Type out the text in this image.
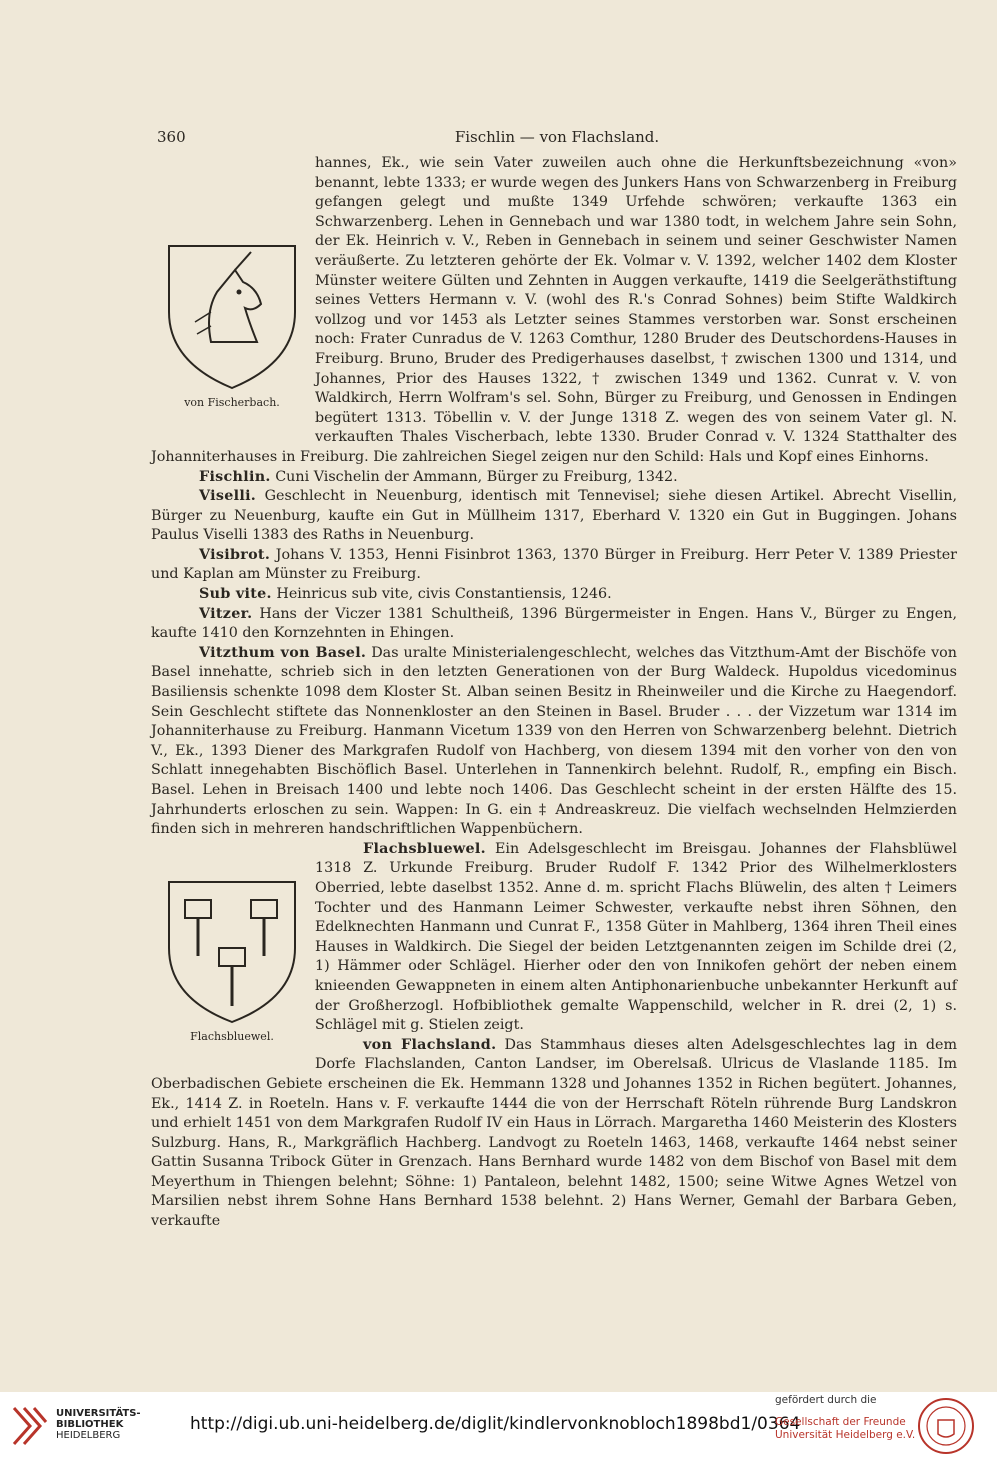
360	Fischlin — von Flachsland.

von Fischerbach.
hannes, Ek., wie sein Vater zuweilen auch ohne die Herkunftsbezeichnung «von» benannt, lebte 1333; er wurde wegen des Junkers Hans von Schwarzenberg in Freiburg gefangen gelegt und mußte 1349 Urfehde schwören; verkaufte 1363 ein Schwarzenberg. Lehen in Gennebach und war 1380 todt, in welchem Jahre sein Sohn, der Ek. Heinrich v. V., Reben in Gennebach in seinem und seiner Geschwister Namen veräußerte. Zu letzteren gehörte der Ek. Volmar v. V. 1392, welcher 1402 dem Kloster Münster weitere Gülten und Zehnten in Auggen verkaufte, 1419 die Seelgeräthstiftung seines Vetters Hermann v. V. (wohl des R.'s Conrad Sohnes) beim Stifte Waldkirch vollzog und vor 1453 als Letzter seines Stammes verstorben war. Sonst erscheinen noch: Frater Cunradus de V. 1263 Comthur, 1280 Bruder des Deutschordens-Hauses in Freiburg. Bruno, Bruder des Predigerhauses daselbst, † zwischen 1300 und 1314, und Johannes, Prior des Hauses 1322, † zwischen 1349 und 1362. Cunrat v. V. von Waldkirch, Herrn Wolfram's sel. Sohn, Bürger zu Freiburg, und Genossen in Endingen begütert 1313. Töbellin v. V. der Junge 1318 Z. wegen des von seinem Vater gl. N. verkauften Thales Vischerbach, lebte 1330. Bruder Conrad v. V. 1324 Statthalter des Johanniterhauses in Freiburg. Die zahlreichen Siegel zeigen nur den Schild: Hals und Kopf eines Einhorns.

Fischlin. Cuni Vischelin der Ammann, Bürger zu Freiburg, 1342.

Viselli. Geschlecht in Neuenburg, identisch mit Tennevisel; siehe diesen Artikel. Abrecht Visellin, Bürger zu Neuenburg, kaufte ein Gut in Müllheim 1317, Eberhard V. 1320 ein Gut in Buggingen. Johans Paulus Viselli 1383 des Raths in Neuenburg.

Visibrot. Johans V. 1353, Henni Fisinbrot 1363, 1370 Bürger in Freiburg. Herr Peter V. 1389 Priester und Kaplan am Münster zu Freiburg.

Sub vite. Heinricus sub vite, civis Constantiensis, 1246.

Vitzer. Hans der Viczer 1381 Schultheiß, 1396 Bürgermeister in Engen. Hans V., Bürger zu Engen, kaufte 1410 den Kornzehnten in Ehingen.

Vitzthum von Basel. Das uralte Ministerialengeschlecht, welches das Vitzthum-Amt der Bischöfe von Basel innehatte, schrieb sich in den letzten Generationen von der Burg Waldeck. Hupoldus vicedominus Basiliensis schenkte 1098 dem Kloster St. Alban seinen Besitz in Rheinweiler und die Kirche zu Haegendorf. Sein Geschlecht stiftete das Nonnenkloster an den Steinen in Basel. Bruder . . . der Vizzetum war 1314 im Johanniterhause zu Freiburg. Hanmann Vicetum 1339 von den Herren von Schwarzenberg belehnt. Dietrich V., Ek., 1393 Diener des Markgrafen Rudolf von Hachberg, von diesem 1394 mit den vorher von den von Schlatt innegehabten Bischöflich Basel. Unterlehen in Tannenkirch belehnt. Rudolf, R., empfing ein Bisch. Basel. Lehen in Breisach 1400 und lebte noch 1406. Das Geschlecht scheint in der ersten Hälfte des 15. Jahrhunderts erloschen zu sein. Wappen: In G. ein ‡ Andreaskreuz. Die vielfach wechselnden Helmzierden finden sich in mehreren handschriftlichen Wappenbüchern.

Flachsbluewel.
Flachsbluewel. Ein Adelsgeschlecht im Breisgau. Johannes der Flahsblüwel 1318 Z. Urkunde Freiburg. Bruder Rudolf F. 1342 Prior des Wilhelmerklosters Oberried, lebte daselbst 1352. Anne d. m. spricht Flachs Blüwelin, des alten † Leimers Tochter und des Hanmann Leimer Schwester, verkaufte nebst ihren Söhnen, den Edelknechten Hanmann und Cunrat F., 1358 Güter in Mahlberg, 1364 ihren Theil eines Hauses in Waldkirch. Die Siegel der beiden Letztgenannten zeigen im Schilde drei (2, 1) Hämmer oder Schlägel. Hierher oder den von Innikofen gehört der neben einem knieenden Gewappneten in einem alten Antiphonarienbuche unbekannter Herkunft auf der Großherzogl. Hofbibliothek gemalte Wappenschild, welcher in R. drei (2, 1) s. Schlägel mit g. Stielen zeigt.

von Flachsland. Das Stammhaus dieses alten Adelsgeschlechtes lag in dem Dorfe Flachslanden, Canton Landser, im Oberelsaß. Ulricus de Vlaslande 1185. Im Oberbadischen Gebiete erscheinen die Ek. Hemmann 1328 und Johannes 1352 in Richen begütert. Johannes, Ek., 1414 Z. in Roeteln. Hans v. F. verkaufte 1444 die von der Herrschaft Röteln rührende Burg Landskron und erhielt 1451 von dem Markgrafen Rudolf IV ein Haus in Lörrach. Margaretha 1460 Meisterin des Klosters Sulzburg. Hans, R., Markgräflich Hachberg. Landvogt zu Roeteln 1463, 1468, verkaufte 1464 nebst seiner Gattin Susanna Tribock Güter in Grenzach. Hans Bernhard wurde 1482 von dem Bischof von Basel mit dem Meyerthum in Thiengen belehnt; Söhne: 1) Pantaleon, belehnt 1482, 1500; seine Witwe Agnes Wetzel von Marsilien nebst ihrem Sohne Hans Bernhard 1538 belehnt. 2) Hans Werner, Gemahl der Barbara Geben, verkaufte

UNIVERSITÄTS-
BIBLIOTHEK
HEIDELBERG
http://digi.ub.uni-heidelberg.de/diglit/kindlervonknobloch1898bd1/0364
gefördert durch die
Gesellschaft der Freunde
Universität Heidelberg e.V.
